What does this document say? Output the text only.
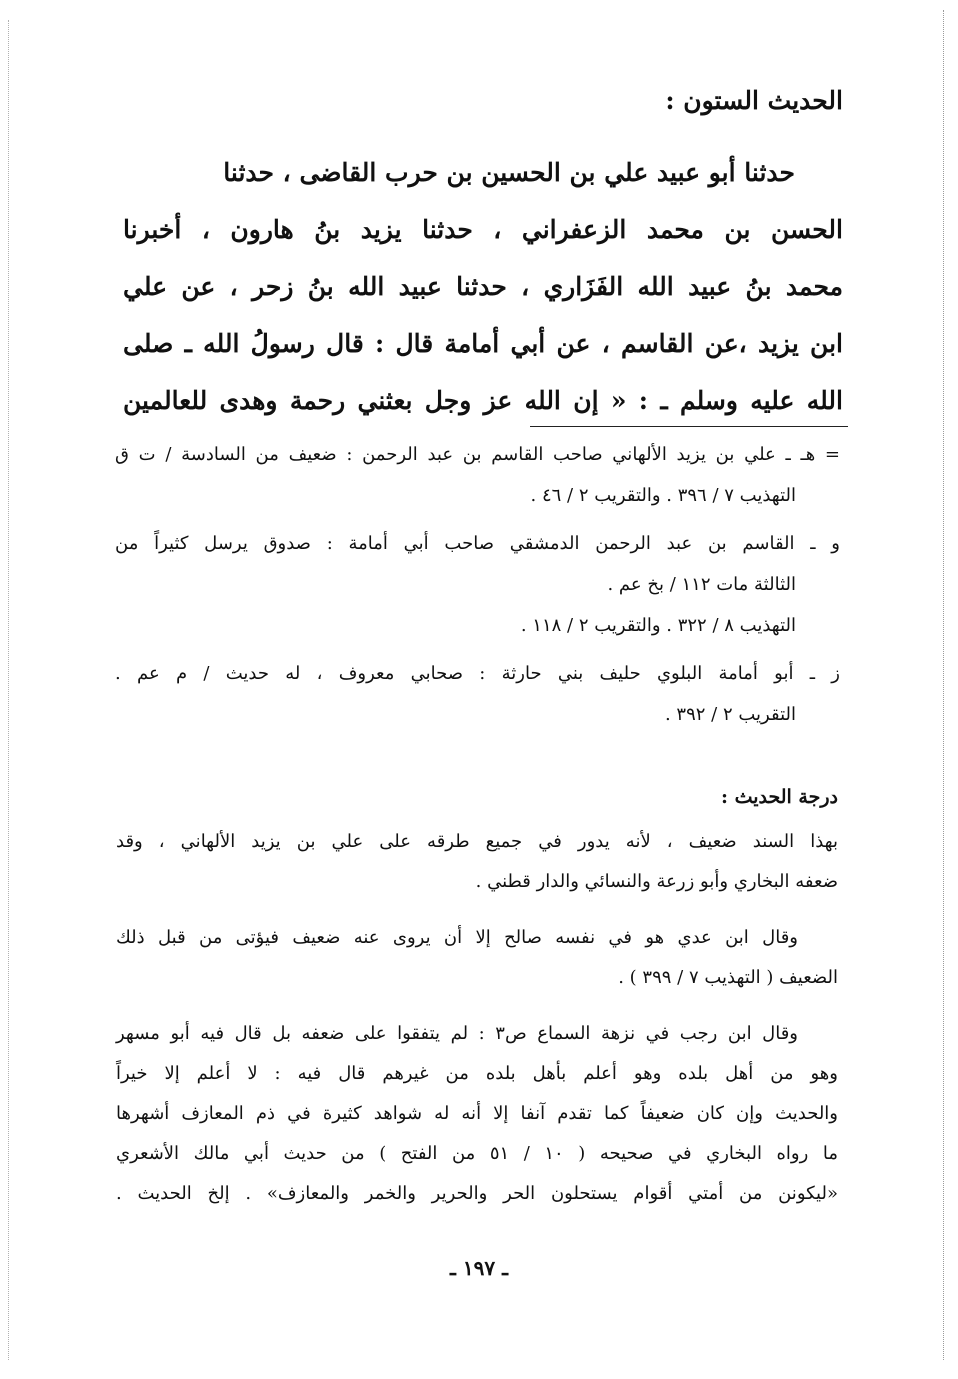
الحديث الستون :
حدثنا أبو عبيد علي بن الحسين بن حرب القاضى ، حدثنا
الحسن بن محمد الزعفراني ، حدثنا يزيد بنُ هارون ، أخبرنا
محمد بنُ عبيد الله الفَزَاري ، حدثنا عبيد الله بنُ زحر ، عن علي
ابن يزيد ،عن القاسم ، عن أبي أمامة قال : قال رسولُ الله ـ صلى
الله عليه وسلم ـ : « إن الله عز وجل بعثني رحمة وهدى للعالمين
= هـ ـ علي بن يزيد الألهاني صاحب القاسم بن عبد الرحمن : ضعيف من السادسة / ت ق
التهذيب ٧ / ٣٩٦ . والتقريب ٢ / ٤٦ .
و ـ القاسم بن عبد الرحمن الدمشقي صاحب أبي أمامة : صدوق يرسل كثيراً من
الثالثة مات ١١٢ / بخ عم .
التهذيب ٨ / ٣٢٢ . والتقريب ٢ / ١١٨ .
ز ـ أبو أمامة البلوي حليف بني حارثة : صحابي معروف ، له حديث / م عم .
التقريب ٢ / ٣٩٢ .
درجة الحديث :
بهذا السند ضعيف ، لأنه يدور في جميع طرقه على علي بن يزيد الألهاني ، وقد
ضعفه البخاري وأبو زرعة والنسائي والدار قطني .
وقال ابن عدي هو في نفسه صالح إلا أن يروى عنه ضعيف فيؤتى من قبل ذلك
الضعيف ( التهذيب ٧ / ٣٩٩ ) .
وقال ابن رجب في نزهة السماع ص٣ : لم يتفقوا على ضعفه بل قال فيه أبو مسهر
وهو من أهل بلده وهو أعلم بأهل بلده من غيرهم قال فيه : لا أعلم إلا خيراً
والحديث وإن كان ضعيفاً كما تقدم آنفا إلا أنه له شواهد كثيرة في ذم المعازف أشهرها
ما رواه البخاري في صحيحه ( ١٠ / ٥١ من الفتح ) من حديث أبي مالك الأشعري
«ليكونن من أمتي أقوام يستحلون الحر والحرير والخمر والمعازف» . إلخ الحديث .
ـ ١٩٧ ـ
